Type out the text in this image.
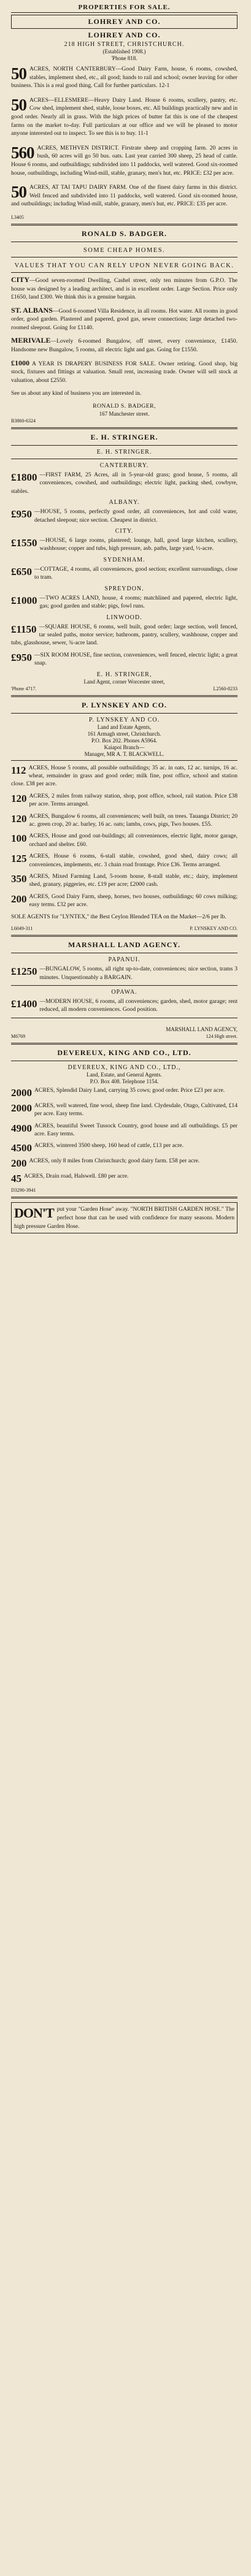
PROPERTIES FOR SALE.
LOHREY AND CO.
LOHREY AND CO.
218 HIGH STREET, CHRISTCHURCH.
(Established 1908.)
'Phone 818.
50 ACRES, NORTH CANTERBURY—Good Dairy Farm, house, 6 rooms, cowshed, stables, implement shed, etc., all good; hands to rail and school; owner leaving for other business. This is a real good thing. Call for further particulars. 12-1
50 ACRES—ELLESMERE—Heavy Dairy Land. House 6 rooms, scullery, pantry, etc. Cow shed, implement shed, stable, loose boxes, etc. All buildings practically new and in good order. Nearly all in grass. With the high prices of butter fat this is one of the cheapest farms on the market to-day. Full particulars at our office and we will be pleased to motor anyone interested out to inspect. To see this is to buy. 11-1
560 ACRES, METHVEN DISTRICT. Firstrate sheep and cropping farm. 20 acres in bush, 60 acres will go 50 bus. oats. Last year carried 300 sheep, 25 head of cattle. House 6 rooms, and outbuildings; subdivided into 11 paddocks, well watered. Good six-roomed house, outbuildings, including Wind-mill, stable, granary, men's hut, etc. PRICE: £32 per acre.
50 ACRES, AT TAI TAPU DAIRY FARM. One of the finest dairy farms in this district. Well fenced and subdivided into 11 paddocks, well watered. Good six-roomed house, and outbuildings; including Wind-mill, stable, granary, men's hut, etc. PRICE: £35 per acre.
L3405
RONALD S. BADGER.
SOME CHEAP HOMES.
VALUES THAT YOU CAN RELY UPON NEVER GOING BACK.
CITY—Good seven-roomed Dwelling, Cashel street, only ten minutes from G.P.O. The house was designed by a leading architect, and is in excellent order. Large Section. Price only £1650, land £300. We think this is a genuine bargain.
ST. ALBANS—Good 6-roomed Villa Residence, in all rooms. Hot water. All rooms in good order, good garden. Plastered and papered, good gas, sewer connections; large detached two-roomed sleepout. Going for £1140.
MERIVALE—Lovely 6-roomed Bungalow, off street, every convenience, £1450. Handsome new Bungalow, 5 rooms, all electric light and gas. Going for £1550.
£1000 A YEAR IS DRAPERY BUSINESS FOR SALE. Owner retiring. Good shop, big stock, fixtures and fittings at valuation. Small rent, increasing trade. Owner will sell stock at valuation, about £2550.
See us about any kind of business you are interested in.
RONALD S. BADGER,
167 Manchester street.
B3860-6324
E. H. STRINGER.
E. H. STRINGER.
CANTERBURY.
£1800 —FIRST FARM, 25 Acres, all in 5-year-old grass; good house, 5 rooms, all conveniences, cowshed, and outbuildings; electric light, packing shed, cowbyre, stables.
ALBANY.
£950 —HOUSE, 5 rooms, perfectly good order, all conveniences, hot and cold water, detached sleepout; nice section. Cheapest in district.
CITY.
£1550 —HOUSE, 6 large rooms, plastered; lounge, hall, good large kitchen, scullery, washhouse; copper and tubs, high pressure, asb. paths, large yard, ½-acre.
SYDENHAM.
£650 —COTTAGE, 4 rooms, all conveniences, good section; excellent surroundings, close to tram.
SPREYDON.
£1000 —TWO ACRES LAND, house, 4 rooms; matchlined and papered, electric light, gas; good garden and stable; pigs, fowl runs.
LINWOOD.
£1150 —SQUARE HOUSE, 6 rooms, well built, good order; large section, well fenced, tar sealed paths, motor service; bathroom, pantry, scullery, washhouse, copper and tubs, glasshouse, sewer, ¾-acre land.
£950 —SIX ROOM HOUSE, fine section, conveniences, well fenced, electric light; a great snap.
E. H. STRINGER,
Land Agent, corner Worcester street,
'Phone 4717.	L2560-8233
P. LYNSKEY AND CO.
P. LYNSKEY AND CO.
Land and Estate Agents,
161 Armagh street, Christchurch.
P.O. Box 202. Phones A5964.
Kaiapoi Branch—
Manager, MR A. T. BLACKWELL.
112 ACRES, House 5 rooms, all possible outbuildings; 35 ac. in oats, 12 ac. turnips, 16 ac. wheat, remainder in grass and good order; milk fine, post office, school and station close. £38 per acre.
120 ACRES, 2 miles from railway station, shop, post office, school, rail station. Price £38 per acre. Terms arranged.
120 ACRES, Bungalow 6 rooms, all conveniences; well built, on trees. Tauanga District; 20 ac. green crop, 20 ac. barley, 16 ac. oats; lambs, cows, pigs, Two houses. £55.
100 ACRES, House and good out-buildings; all conveniences, electric light, motor garage, orchard and shelter. £60.
125 ACRES, House 6 rooms, 6-stall stable, cowshed, good shed, dairy cows; all conveniences, implements, etc. 3 chain road frontage. Price £36. Terms arranged.
350 ACRES, Mixed Farming Land, 5-room house, 8-stall stable, etc.; dairy, implement shed, granary, piggeries, etc. £19 per acre; £2000 cash.
200 ACRES, Good Dairy Farm, sheep, horses, two houses, outbuildings; 60 cows milking; easy terms. £32 per acre.
SOLE AGENTS for "LYNTEX," the Best Ceylon Blended TEA on the Market—2/6 per lb.
L6049-311	P. LYNSKEY AND CO.
MARSHALL LAND AGENCY.
PAPANUI.
£1250 —BUNGALOW, 5 rooms, all right up-to-date, conveniences; nice section, trams 3 minutes. Unquestionably a BARGAIN.
OPAWA.
£1400 —MODERN HOUSE, 6 rooms, all conveniences; garden, shed, motor garage; rent reduced, all modern conveniences. Good position.
MARSHALL LAND AGENCY,
M6769	124 High street.
DEVEREUX, KING AND CO., LTD.
DEVEREUX, KING AND CO., LTD.,
Land, Estate, and General Agents.
P.O. Box 408. Telephone 1154.
2000 ACRES, Splendid Dairy Land, carrying 35 cows; good order. Price £23 per acre.
2000 ACRES, well watered, fine wool, sheep fine land. Clydesdale, Otago, Cultivated, £14 per acre. Easy terms.
4900 ACRES, beautiful Sweet Tussock Country, good house and all outbuildings. £5 per acre. Easy terms.
4500 ACRES, wintered 3500 sheep, 160 head of cattle, £13 per acre.
200 ACRES, only 8 miles from Christchurch; good dairy farm. £58 per acre.
45 ACRES, Drain road, Halswell. £80 per acre.
D3290-3941
DON'T put your "Garden Hose" away. "NORTH BRITISH GARDEN HOSE." The perfect hose that can be used with confidence for many seasons. Modern high pressure Garden Hose.
